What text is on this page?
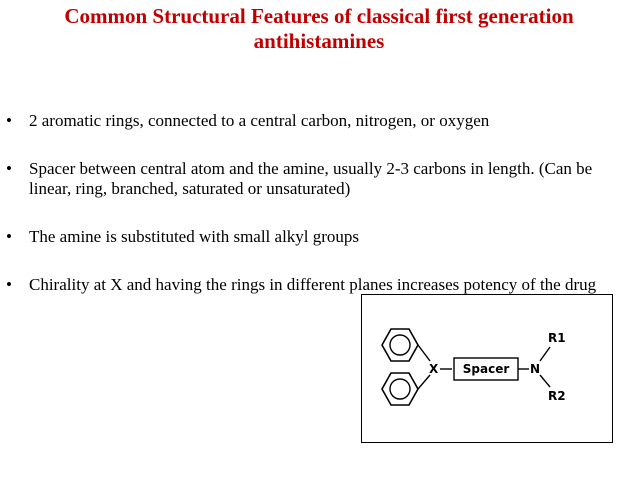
Common Structural Features of classical first generation antihistamines
• 2 aromatic rings, connected to a central carbon, nitrogen, or oxygen
• Spacer between central atom and the amine, usually 2-3 carbons in length. (Can be linear, ring, branched, saturated or unsaturated)
• The amine is substituted with small alkyl groups
• Chirality at X and having the rings in different planes increases potency of the drug
X Spacer N
R1
R2
